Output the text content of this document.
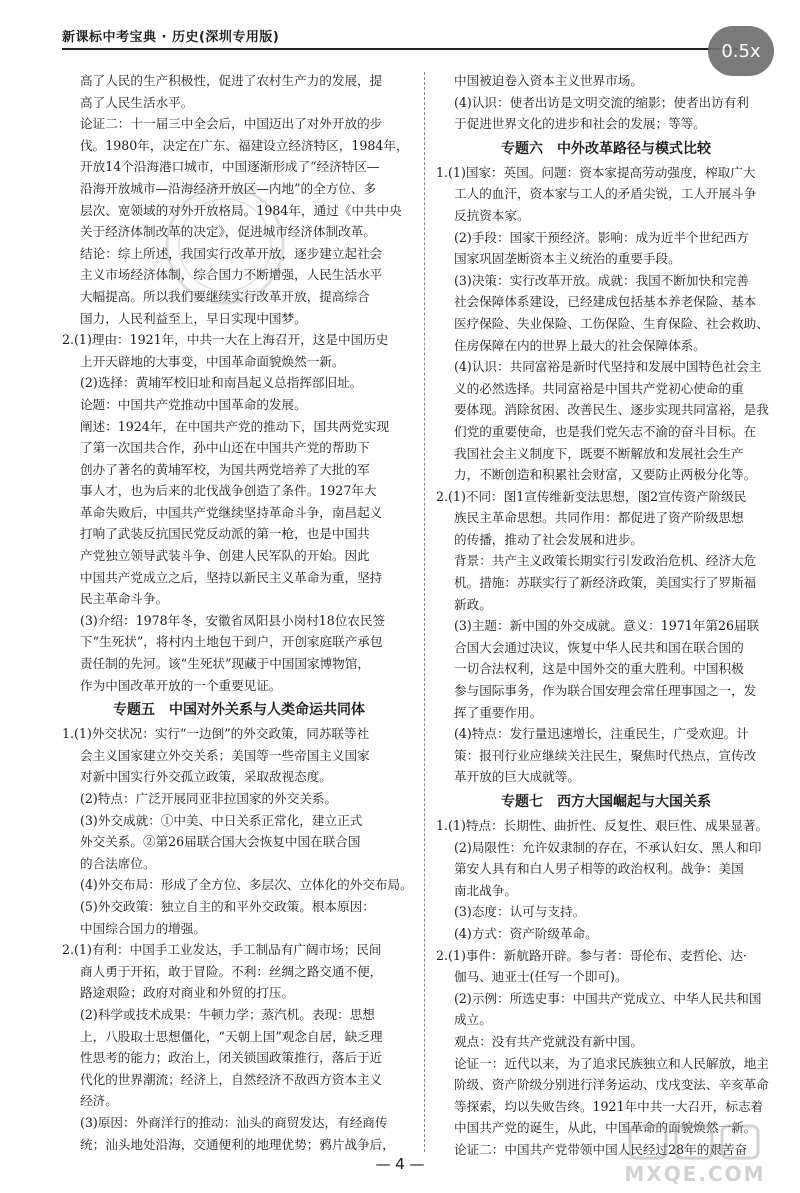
新课标中考宝典 · 历史(深圳专用版)
0.5x
高了人民的生产积极性，促进了农村生产力的发展，提
高了人民生活水平。
论证二：十一届三中全会后，中国迈出了对外开放的步
伐。1980年，决定在广东、福建设立经济特区，1984年，
开放14个沿海港口城市，中国逐渐形成了“经济特区—
沿海开放城市—沿海经济开放区—内地”的全方位、多
层次、宽领域的对外开放格局。1984年，通过《中共中央
关于经济体制改革的决定》，促进城市经济体制改革。
结论：综上所述，我国实行改革开放，逐步建立起社会
主义市场经济体制，综合国力不断增强，人民生活水平
大幅提高。所以我们要继续实行改革开放，提高综合
国力，人民利益至上，早日实现中国梦。
2.(1)理由：1921年，中共一大在上海召开，这是中国历史
上开天辟地的大事变，中国革命面貌焕然一新。
(2)选择：黄埔军校旧址和南昌起义总指挥部旧址。
论题：中国共产党推动中国革命的发展。
阐述：1924年，在中国共产党的推动下，国共两党实现
了第一次国共合作，孙中山还在中国共产党的帮助下
创办了著名的黄埔军校，为国共两党培养了大批的军
事人才，也为后来的北伐战争创造了条件。1927年大
革命失败后，中国共产党继续坚持革命斗争，南昌起义
打响了武装反抗国民党反动派的第一枪，也是中国共
产党独立领导武装斗争、创建人民军队的开始。因此
中国共产党成立之后，坚持以新民主义革命为重，坚持
民主革命斗争。
(3)介绍：1978年冬，安徽省凤阳县小岗村18位农民签
下“生死状”，将村内土地包干到户，开创家庭联产承包
责任制的先河。该“生死状”现藏于中国国家博物馆，
作为中国改革开放的一个重要见证。
专题五　中国对外关系与人类命运共同体
1.(1)外交状况：实行“一边倒”的外交政策，同苏联等社
会主义国家建立外交关系；美国等一些帝国主义国家
对新中国实行外交孤立政策，采取敌视态度。
(2)特点：广泛开展同亚非拉国家的外交关系。
(3)外交成就：①中美、中日关系正常化，建立正式
外交关系。②第26届联合国大会恢复中国在联合国
的合法席位。
(4)外交布局：形成了全方位、多层次、立体化的外交布局。
(5)外交政策：独立自主的和平外交政策。根本原因：
中国综合国力的增强。
2.(1)有利：中国手工业发达，手工制品有广阔市场；民间
商人勇于开拓，敢于冒险。不利：丝绸之路交通不便，
路途艰险；政府对商业和外贸的打压。
(2)科学或技术成果：牛顿力学；蒸汽机。表现：思想
上，八股取士思想僵化，“天朝上国”观念自居，缺乏理
性思考的能力；政治上，闭关锁国政策推行，落后于近
代化的世界潮流；经济上，自然经济不敌西方资本主义
经济。
(3)原因：外商洋行的推动：汕头的商贸发达，有经商传
统；汕头地处沿海，交通便利的地理优势；鸦片战争后，
中国被迫卷入资本主义世界市场。
(4)认识：使者出访是文明交流的缩影；使者出访有利
于促进世界文化的进步和社会的发展；等等。
专题六　中外改革路径与模式比较
1.(1)国家：英国。问题：资本家提高劳动强度，榨取广大
工人的血汗，资本家与工人的矛盾尖锐，工人开展斗争
反抗资本家。
(2)手段：国家干预经济。影响：成为近半个世纪西方
国家巩固垄断资本主义统治的重要手段。
(3)决策：实行改革开放。成就：我国不断加快和完善
社会保障体系建设，已经建成包括基本养老保险、基本
医疗保险、失业保险、工伤保险、生育保险、社会救助、
住房保障在内的世界上最大的社会保障体系。
(4)认识：共同富裕是新时代坚持和发展中国特色社会主
义的必然选择。共同富裕是中国共产党初心使命的重
要体现。消除贫困、改善民生、逐步实现共同富裕，是我
们党的重要使命，也是我们党矢志不渝的奋斗目标。在
我国社会主义制度下，既要不断解放和发展社会生产
力，不断创造和积累社会财富，又要防止两极分化等。
2.(1)不同：图1宣传维新变法思想，图2宣传资产阶级民
族民主革命思想。共同作用：都促进了资产阶级思想
的传播，推动了社会发展和进步。
背景：共产主义政策长期实行引发政治危机、经济大危
机。措施：苏联实行了新经济政策，美国实行了罗斯福
新政。
(3)主题：新中国的外交成就。意义：1971年第26届联
合国大会通过决议，恢复中华人民共和国在联合国的
一切合法权利，这是中国外交的重大胜利。中国积极
参与国际事务，作为联合国安理会常任理事国之一，发
挥了重要作用。
(4)特点：发行量迅速增长，注重民生，广受欢迎。计
策：报刊行业应继续关注民生，聚焦时代热点，宣传改
革开放的巨大成就等。
专题七　西方大国崛起与大国关系
1.(1)特点：长期性、曲折性、反复性、艰巨性、成果显著。
(2)局限性：允许奴隶制的存在，不承认妇女、黑人和印
第安人具有和白人男子相等的政治权利。战争：美国
南北战争。
(3)态度：认可与支持。
(4)方式：资产阶级革命。
2.(1)事件：新航路开辟。参与者：哥伦布、麦哲伦、达·
伽马、迪亚士(任写一个即可)。
(2)示例：所选史事：中国共产党成立、中华人民共和国
成立。
观点：没有共产党就没有新中国。
论证一：近代以来，为了追求民族独立和人民解放，地主
阶级、资产阶级分别进行洋务运动、戊戌变法、辛亥革命
等探索，均以失败告终。1921年中共一大召开，标志着
中国共产党的诞生，从此，中国革命的面貌焕然一新。
论证二：中国共产党带领中国人民经过28年的艰苦奋
— 4 —	MXQE.COM
